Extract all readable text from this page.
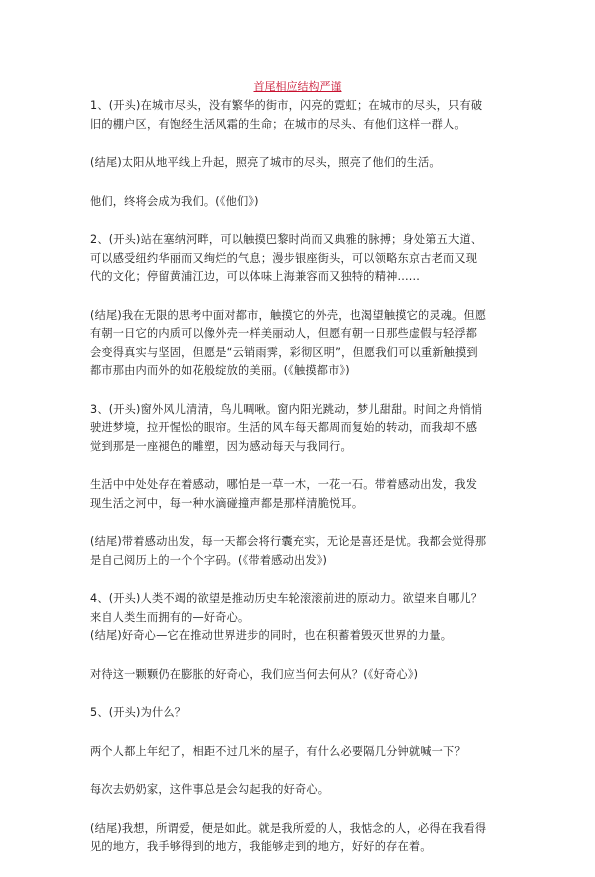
首尾相应结构严谨
1、(开头)在城市尽头，没有繁华的街市，闪亮的霓虹；在城市的尽头，只有破
旧的棚户区，有饱经生活风霜的生命；在城市的尽头、有他们这样一群人。
(结尾)太阳从地平线上升起，照亮了城市的尽头，照亮了他们的生活。
他们，终将会成为我们。(《他们》)
2、(开头)站在塞纳河畔，可以触摸巴黎时尚而又典雅的脉搏；身处第五大道、
可以感受纽约华丽而又绚烂的气息；漫步银座街头，可以领略东京古老而又现
代的文化；停留黄浦江边，可以体味上海兼容而又独特的精神......
(结尾)我在无限的思考中面对都市，触摸它的外壳，也渴望触摸它的灵魂。但愿
有朝一日它的内质可以像外壳一样美丽动人，但愿有朝一日那些虚假与轻浮都
会变得真实与坚固，但愿是“云销雨霁，彩彻区明”，但愿我们可以重新触摸到
都市那由内而外的如花般绽放的美丽。(《触摸都市》)
3、(开头)窗外风儿清清，鸟儿啁啾。窗内阳光跳动，梦儿甜甜。时间之舟悄悄
驶进梦境，拉开惺忪的眼帘。生活的风车每天都周而复始的转动，而我却不感
觉到那是一座褪色的雕塑，因为感动每天与我同行。
生活中中处处存在着感动，哪怕是一草一木，一花一石。带着感动出发，我发
现生活之河中，每一种水滴碰撞声都是那样清脆悦耳。
(结尾)带着感动出发，每一天都会将行囊充实，无论是喜还是忧。我都会觉得那
是自己阅历上的一个个字码。(《带着感动出发》)
4、(开头)人类不竭的欲望是推动历史车轮滚滚前进的原动力。欲望来自哪儿？
来自人类生而拥有的—好奇心。
(结尾)好奇心—它在推动世界进步的同时，也在积蓄着毁灭世界的力量。
对待这一颗颗仍在膨胀的好奇心，我们应当何去何从？(《好奇心》)
5、(开头)为什么？
两个人都上年纪了，相距不过几米的屋子，有什么必要隔几分钟就喊一下？
每次去奶奶家，这件事总是会勾起我的好奇心。
(结尾)我想，所谓爱，便是如此。就是我所爱的人，我惦念的人，必得在我看得
见的地方，我手够得到的地方，我能够走到的地方，好好的存在着。
